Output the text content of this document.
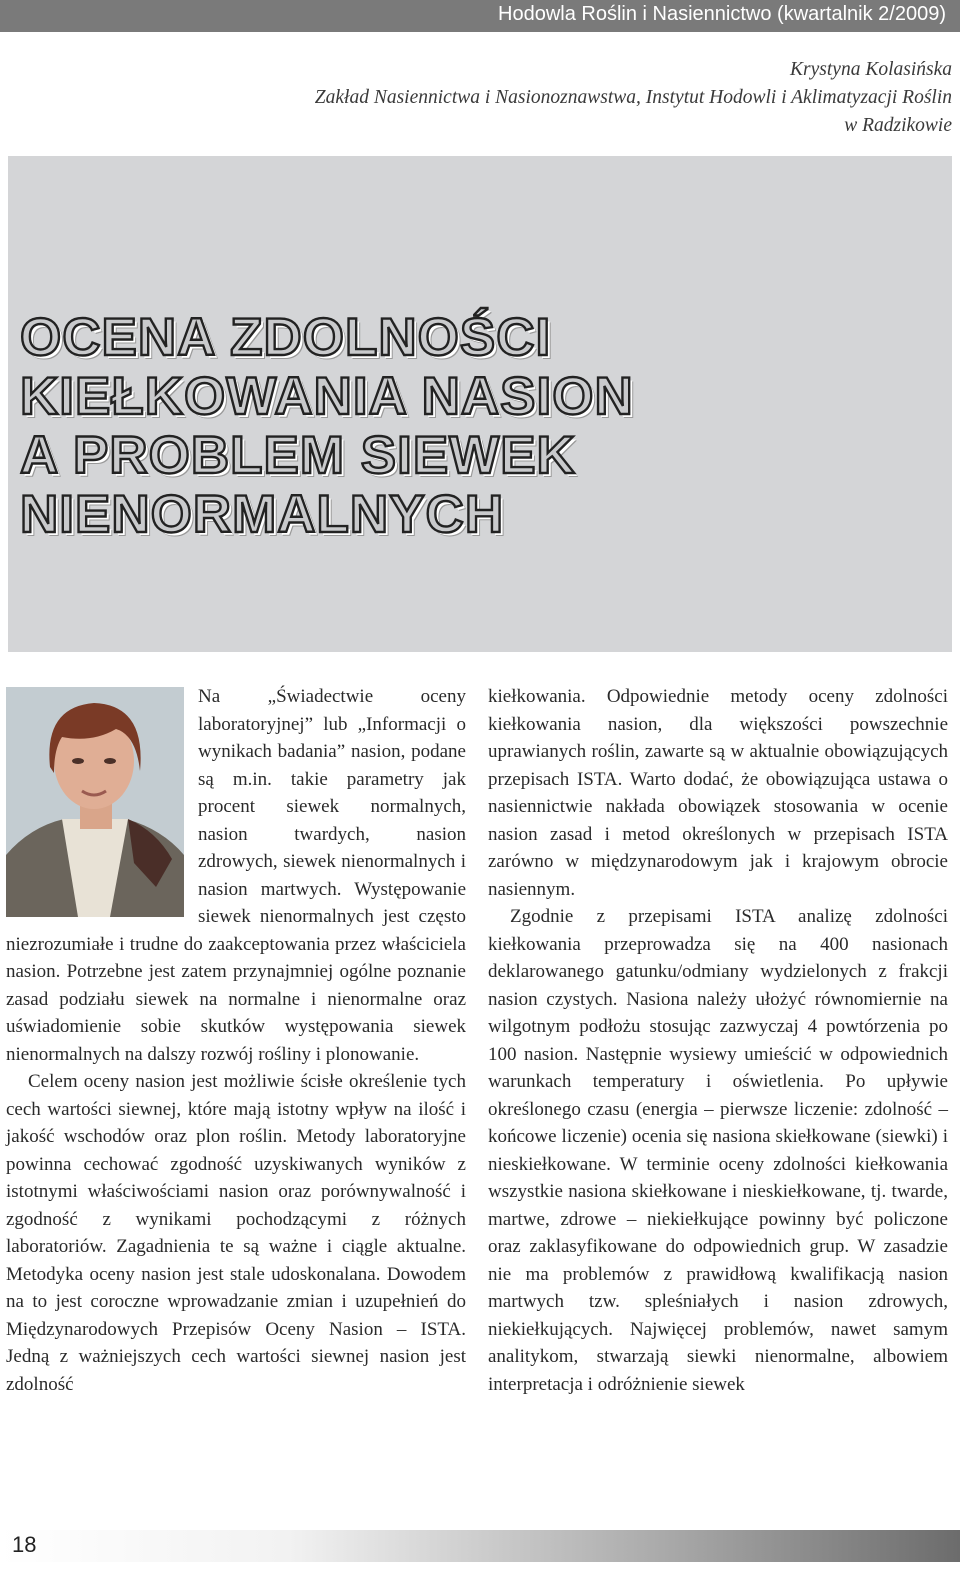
Hodowla Roślin i Nasiennictwo (kwartalnik 2/2009)
Krystyna Kolasińska
Zakład Nasiennictwa i Nasionoznawstwa, Instytut Hodowli i Aklimatyzacji Roślin
w Radzikowie
OCENA ZDOLNOŚCI
KIEŁKOWANIA NASION
A PROBLEM SIEWEK
NIENORMALNYCH

Na „Świadectwie oceny laboratoryjnej” lub „Informacji o wynikach badania” nasion, podane są m.in. takie parametry jak procent siewek normalnych, nasion twardych, nasion zdrowych, siewek nienormalnych i nasion martwych. Występowanie siewek nienormalnych jest często niezrozumiałe i trudne do zaakceptowania przez właściciela nasion. Potrzebne jest zatem przynajmniej ogólne poznanie zasad podziału siewek na normalne i nienormalne oraz uświadomienie sobie skutków występowania siewek nienormalnych na dalszy rozwój rośliny i plonowanie.

Celem oceny nasion jest możliwie ścisłe określenie tych cech wartości siewnej, które mają istotny wpływ na ilość i jakość wschodów oraz plon roślin. Metody laboratoryjne powinna cechować zgodność uzyskiwanych wyników z istotnymi właściwościami nasion oraz porównywalność i zgodność z wynikami pochodzącymi z różnych laboratoriów. Zagadnienia te są ważne i ciągle aktualne. Metodyka oceny nasion jest stale udoskonalana. Dowodem na to jest coroczne wprowadzanie zmian i uzupełnień do Międzynarodowych Przepisów Oceny Nasion – ISTA. Jedną z ważniejszych cech wartości siewnej nasion jest zdolność

kiełkowania. Odpowiednie metody oceny zdolności kiełkowania nasion, dla większości powszechnie uprawianych roślin, zawarte są w aktualnie obowiązujących przepisach ISTA. Warto dodać, że obowiązująca ustawa o nasiennictwie nakłada obowiązek stosowania w ocenie nasion zasad i metod określonych w przepisach ISTA zarówno w międzynarodowym jak i krajowym obrocie nasiennym.

Zgodnie z przepisami ISTA analizę zdolności kiełkowania przeprowadza się na 400 nasionach deklarowanego gatunku/odmiany wydzielonych z frakcji nasion czystych. Nasiona należy ułożyć równomiernie na wilgotnym podłożu stosując zazwyczaj 4 powtórzenia po 100 nasion. Następnie wysiewy umieścić w odpowiednich warunkach temperatury i oświetlenia. Po upływie określonego czasu (energia – pierwsze liczenie: zdolność – końcowe liczenie) ocenia się nasiona skiełkowane (siewki) i nieskiełkowane. W terminie oceny zdolności kiełkowania wszystkie nasiona skiełkowane i nieskiełkowane, tj. twarde, martwe, zdrowe – niekiełkujące powinny być policzone oraz zaklasyfikowane do odpowiednich grup. W zasadzie nie ma problemów z prawidłową kwalifikacją nasion martwych tzw. spleśniałych i nasion zdrowych, niekiełkujących. Najwięcej problemów, nawet samym analitykom, stwarzają siewki nienormalne, albowiem interpretacja i odróżnienie siewek

18
